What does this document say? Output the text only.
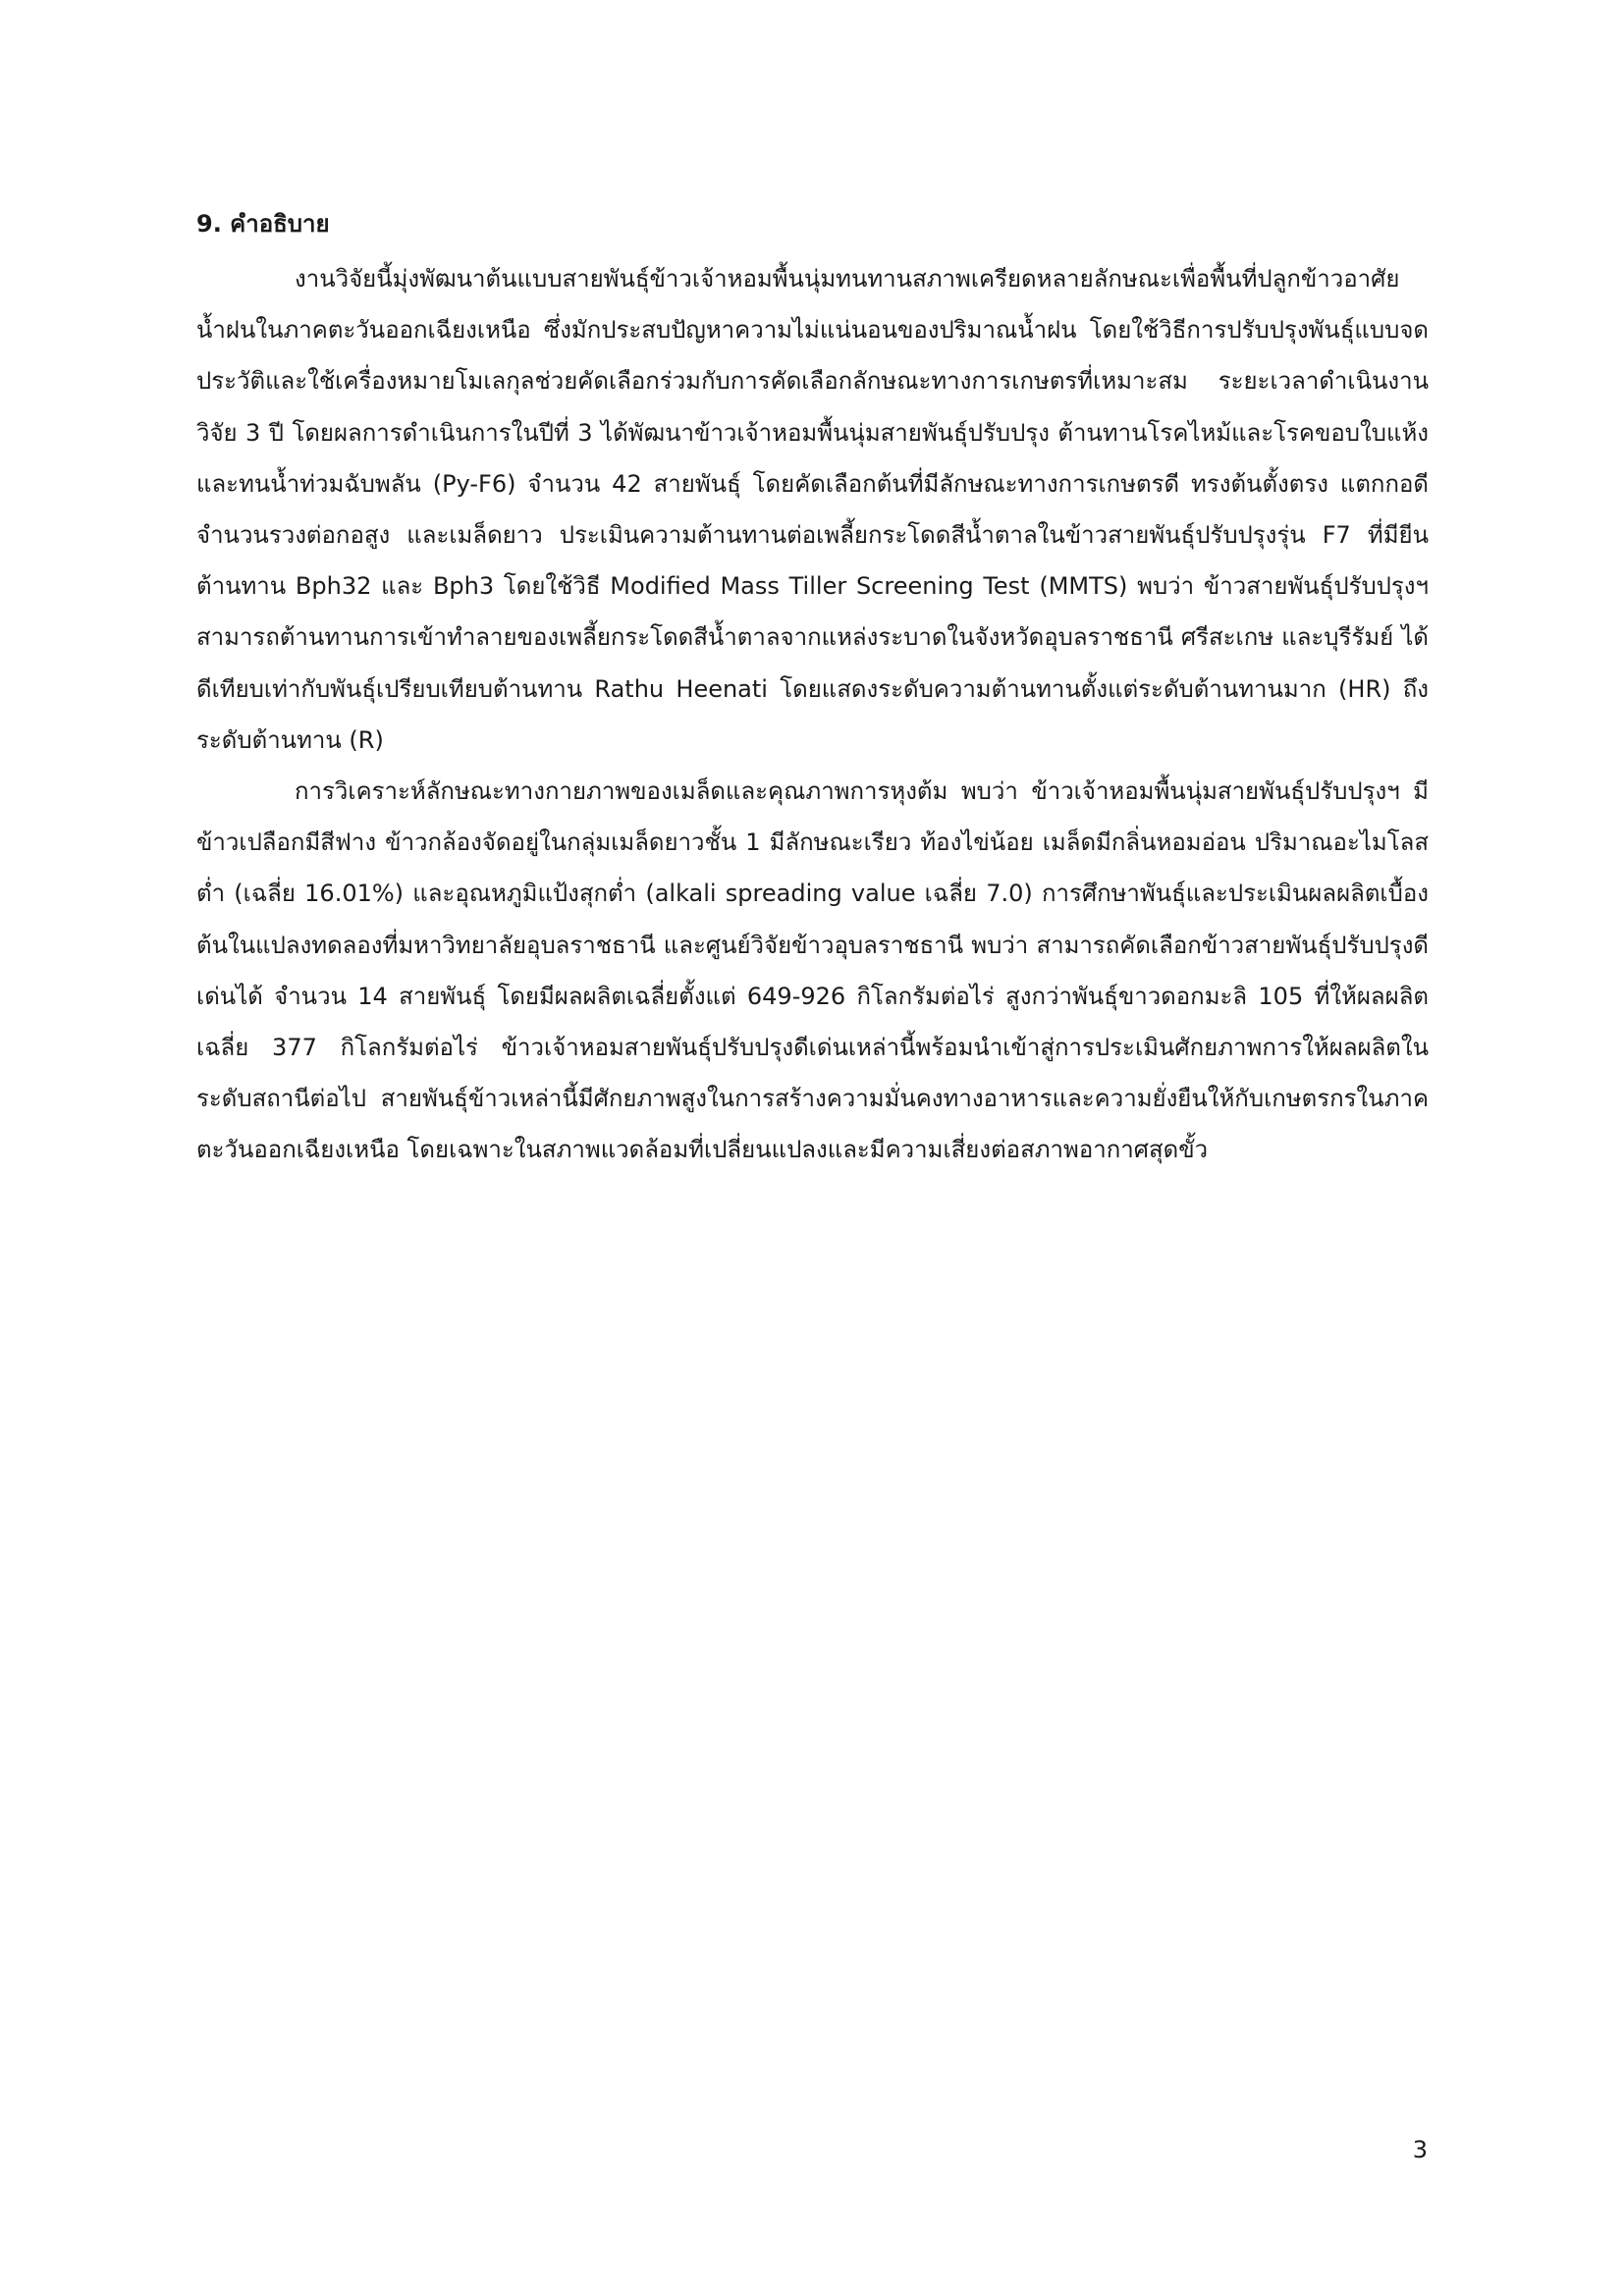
9. คำอธิบาย

งานวิจัยนี้มุ่งพัฒนาต้นแบบสายพันธุ์ข้าวเจ้าหอมพื้นนุ่มทนทานสภาพเครียดหลายลักษณะเพื่อพื้นที่ปลูกข้าวอาศัยน้ำฝนในภาคตะวันออกเฉียงเหนือ ซึ่งมักประสบปัญหาความไม่แน่นอนของปริมาณน้ำฝน โดยใช้วิธีการปรับปรุงพันธุ์แบบจดประวัติและใช้เครื่องหมายโมเลกุลช่วยคัดเลือกร่วมกับการคัดเลือกลักษณะทางการเกษตรที่เหมาะสม ระยะเวลาดำเนินงานวิจัย 3 ปี โดยผลการดำเนินการในปีที่ 3 ได้พัฒนาข้าวเจ้าหอมพื้นนุ่มสายพันธุ์ปรับปรุง ต้านทานโรคไหม้และโรคขอบใบแห้งและทนน้ำท่วมฉับพลัน (Py-F6) จำนวน 42 สายพันธุ์ โดยคัดเลือกต้นที่มีลักษณะทางการเกษตรดี ทรงต้นตั้งตรง แตกกอดี จำนวนรวงต่อกอสูง และเมล็ดยาว ประเมินความต้านทานต่อเพลี้ยกระโดดสีน้ำตาลในข้าวสายพันธุ์ปรับปรุงรุ่น F7 ที่มียีนต้านทาน Bph32 และ Bph3 โดยใช้วิธี Modified Mass Tiller Screening Test (MMTS) พบว่า ข้าวสายพันธุ์ปรับปรุงฯ สามารถต้านทานการเข้าทำลายของเพลี้ยกระโดดสีน้ำตาลจากแหล่งระบาดในจังหวัดอุบลราชธานี ศรีสะเกษ และบุรีรัมย์ ได้ดีเทียบเท่ากับพันธุ์เปรียบเทียบต้านทาน Rathu Heenati โดยแสดงระดับความต้านทานตั้งแต่ระดับต้านทานมาก (HR) ถึงระดับต้านทาน (R)

การวิเคราะห์ลักษณะทางกายภาพของเมล็ดและคุณภาพการหุงต้ม พบว่า ข้าวเจ้าหอมพื้นนุ่มสายพันธุ์ปรับปรุงฯ มีข้าวเปลือกมีสีฟาง ข้าวกล้องจัดอยู่ในกลุ่มเมล็ดยาวชั้น 1 มีลักษณะเรียว ท้องไข่น้อย เมล็ดมีกลิ่นหอมอ่อน ปริมาณอะไมโลสต่ำ (เฉลี่ย 16.01%) และอุณหภูมิแป้งสุกต่ำ (alkali spreading value เฉลี่ย 7.0) การศึกษาพันธุ์และประเมินผลผลิตเบื้องต้นในแปลงทดลองที่มหาวิทยาลัยอุบลราชธานี และศูนย์วิจัยข้าวอุบลราชธานี พบว่า สามารถคัดเลือกข้าวสายพันธุ์ปรับปรุงดีเด่นได้ จำนวน 14 สายพันธุ์ โดยมีผลผลิตเฉลี่ยตั้งแต่ 649-926 กิโลกรัมต่อไร่ สูงกว่าพันธุ์ขาวดอกมะลิ 105 ที่ให้ผลผลิตเฉลี่ย 377 กิโลกรัมต่อไร่ ข้าวเจ้าหอมสายพันธุ์ปรับปรุงดีเด่นเหล่านี้พร้อมนำเข้าสู่การประเมินศักยภาพการให้ผลผลิตในระดับสถานีต่อไป สายพันธุ์ข้าวเหล่านี้มีศักยภาพสูงในการสร้างความมั่นคงทางอาหารและความยั่งยืนให้กับเกษตรกรในภาคตะวันออกเฉียงเหนือ โดยเฉพาะในสภาพแวดล้อมที่เปลี่ยนแปลงและมีความเสี่ยงต่อสภาพอากาศสุดขั้ว

3
